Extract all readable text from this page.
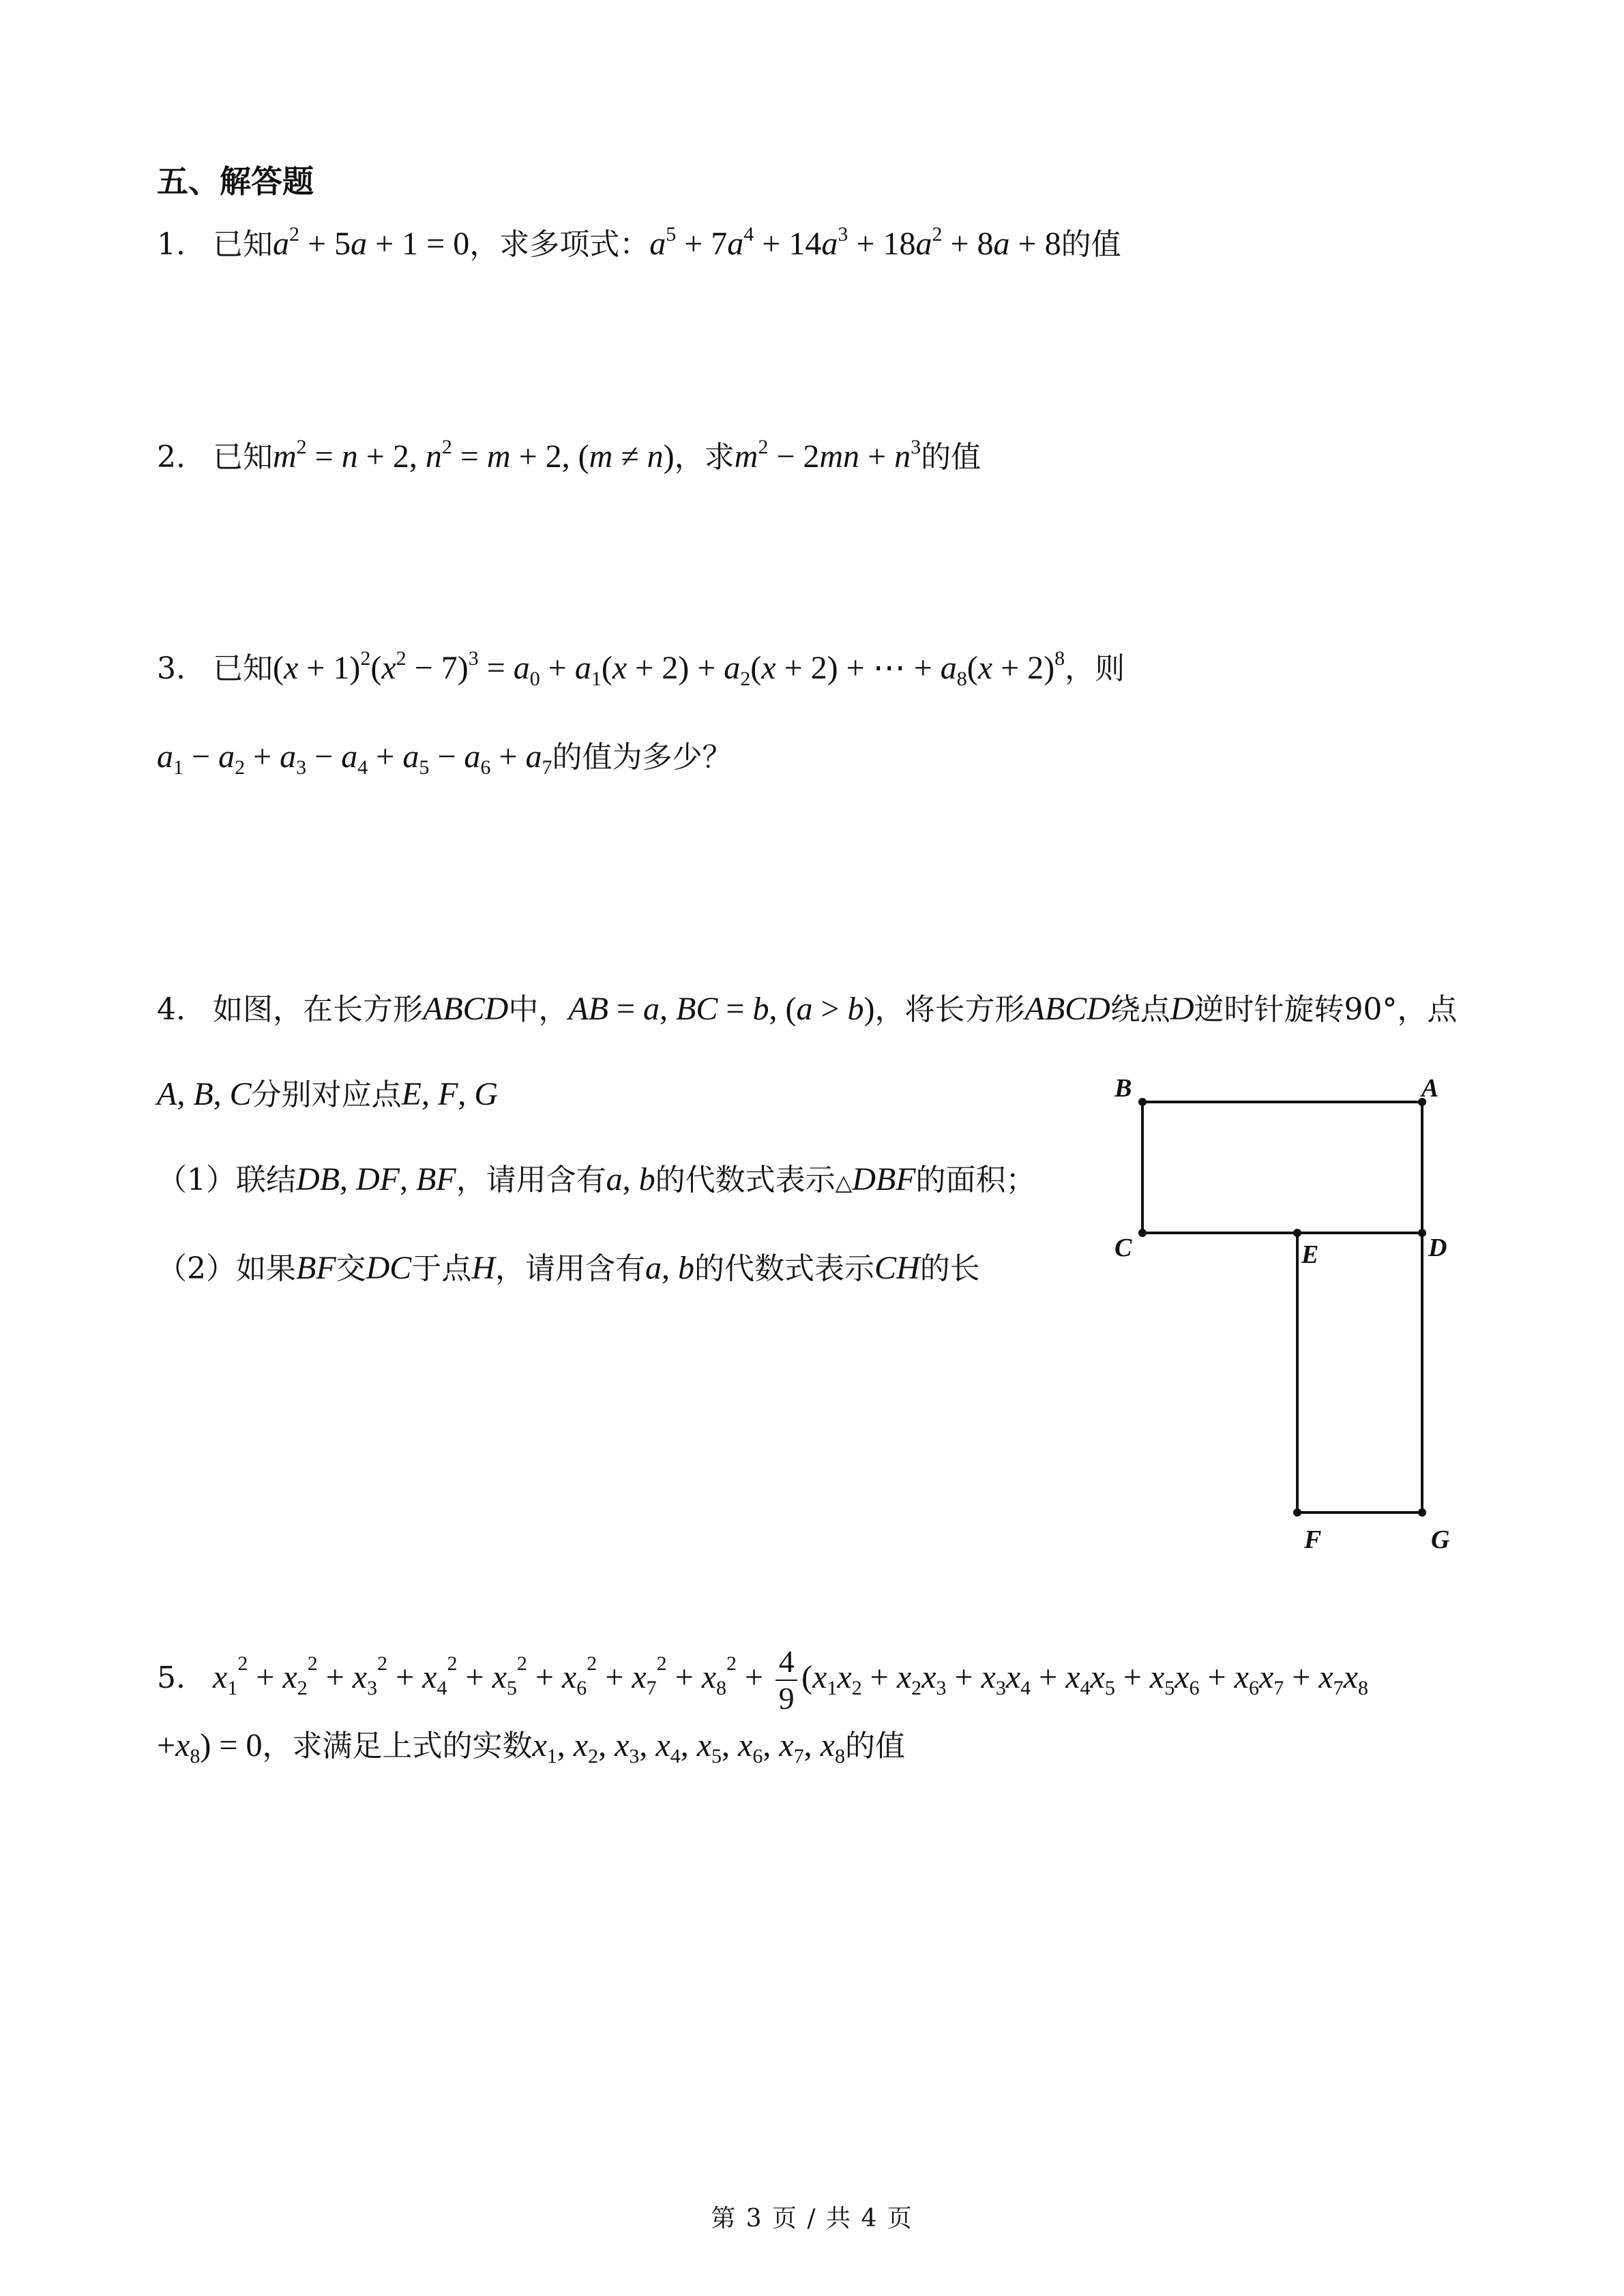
五、解答题
1. 已知$a^2 + 5a + 1 = 0$，求多项式：$a^5 + 7a^4 + 14a^3 + 18a^2 + 8a + 8$的值
2. 已知$m^2 = n + 2$, $n^2 = m + 2$, (m ≠ n)，求$m^2 - 2mn + n^3$的值
3. 已知$(x + 1)^2(x^2 - 7)^3 = a_0 + a_1(x + 2) + a_2(x + 2)$ + ⋯ + $a_8(x + 2)^8$，则
$a_1 - a_2 + a_3 - a_4 + a_5 - a_6 + a_7$的值为多少？
4. 如图，在长方形ABCD中，AB = a, BC = b, (a > b)，将长方形ABCD绕点D逆时针旋转90°，点
A, B, C分别对应点E, F, G
（1）联结DB, DF, BF，请用含有a, b的代数式表示△DBF的面积；
（2）如果BF交DC于点H，请用含有a, b的代数式表示CH的长
B	A
C	E	D
F	G
5. $x_1^2 + x_2^2 + x_3^2 + x_4^2 + x_5^2 + x_6^2 + x_7^2 + x_8^2 + \frac{4}{9} (x_1x_2 + x_2x_3 + x_3x_4 + x_4x_5 + x_5x_6 + x_6x_7 + x_7x_8$
$+x_8) = 0$，求满足上式的实数$x_1$, $x_2$, $x_3$, $x_4$, $x_5$, $x_6$, $x_7$, $x_8$的值
第 3 页 / 共 4 页
